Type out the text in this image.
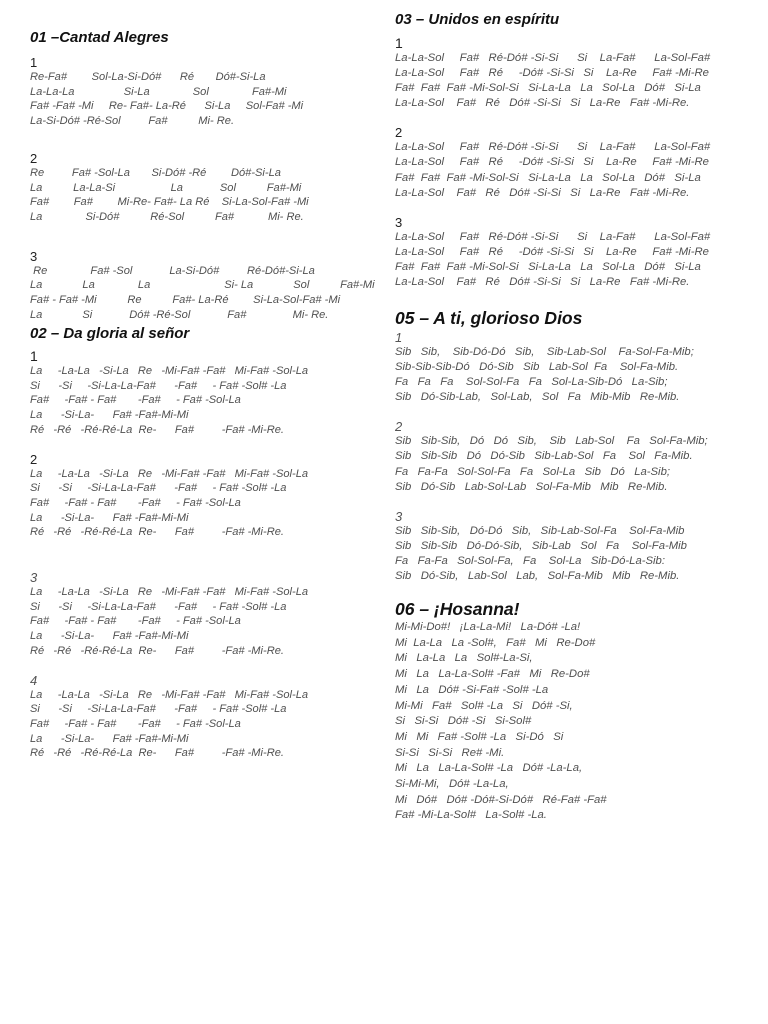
01 –Cantad Alegres
1
Re-Fa#        Sol-La-Si-Dó#      Ré       Dó#-Si-La
La-La-La                Si-La              Sol              Fa#-Mi
Fa# -Fa# -Mi     Re- Fa#- La-Ré      Si-La     Sol-Fa# -Mi
La-Si-Dó# -Ré-Sol         Fa#          Mi- Re.
2
Re         Fa# -Sol-La       Si-Dó# -Ré        Dó#-Si-La
La          La-La-Si                  La            Sol          Fa#-Mi
Fa#        Fa#        Mi-Re- Fa#- La Ré    Si-La-Sol-Fa# -Mi
La              Si-Dó#          Ré-Sol          Fa#           Mi- Re.
3
Re              Fa# -Sol            La-Si-Dó#         Ré-Dó#-Si-La
La             La              La                        Si- La             Sol          Fa#-Mi
Fa# - Fa# -Mi          Re          Fa#- La-Ré        Si-La-Sol-Fa# -Mi
La             Si            Dó# -Ré-Sol            Fa#               Mi- Re.
02 – Da gloria al señor
1
La     -La-La   -Si-La   Re   -Mi-Fa# -Fa#   Mi-Fa# -Sol-La
Si      -Si     -Si-La-La-Fa#      -Fa#     - Fa# -Sol# -La
Fa#     -Fa# - Fa#       -Fa#     - Fa# -Sol-La
La      -Si-La-      Fa# -Fa#-Mi-Mi
Ré   -Ré   -Ré-Ré-La  Re-      Fa#         -Fa# -Mi-Re.
2
La     -La-La   -Si-La   Re   -Mi-Fa# -Fa#   Mi-Fa# -Sol-La
Si      -Si     -Si-La-La-Fa#      -Fa#     - Fa# -Sol# -La
Fa#     -Fa# - Fa#       -Fa#     - Fa# -Sol-La
La      -Si-La-      Fa# -Fa#-Mi-Mi
Ré   -Ré   -Ré-Ré-La  Re-      Fa#         -Fa# -Mi-Re.
3
La     -La-La   -Si-La   Re   -Mi-Fa# -Fa#   Mi-Fa# -Sol-La
Si      -Si     -Si-La-La-Fa#      -Fa#     - Fa# -Sol# -La
Fa#     -Fa# - Fa#       -Fa#     - Fa# -Sol-La
La      -Si-La-      Fa# -Fa#-Mi-Mi
Ré   -Ré   -Ré-Ré-La  Re-      Fa#         -Fa# -Mi-Re.
4
La     -La-La   -Si-La   Re   -Mi-Fa# -Fa#   Mi-Fa# -Sol-La
Si      -Si     -Si-La-La-Fa#      -Fa#     - Fa# -Sol# -La
Fa#     -Fa# - Fa#       -Fa#     - Fa# -Sol-La
La      -Si-La-      Fa# -Fa#-Mi-Mi
Ré   -Ré   -Ré-Ré-La  Re-      Fa#         -Fa# -Mi-Re.
03 – Unidos en espíritu
1
La-La-Sol     Fa#   Ré-Dó# -Si-Si      Si    La-Fa#      La-Sol-Fa#
La-La-Sol     Fa#   Ré     -Dó# -Si-Si   Si    La-Re     Fa# -Mi-Re
Fa#  Fa#  Fa# -Mi-Sol-Si   Si-La-La   La   Sol-La   Dó#   Si-La
La-La-Sol    Fa#   Ré   Dó# -Si-Si   Si   La-Re   Fa# -Mi-Re.
2
La-La-Sol     Fa#   Ré-Dó# -Si-Si      Si    La-Fa#      La-Sol-Fa#
La-La-Sol     Fa#   Ré     -Dó# -Si-Si   Si    La-Re     Fa# -Mi-Re
Fa#  Fa#  Fa# -Mi-Sol-Si   Si-La-La   La   Sol-La   Dó#   Si-La
La-La-Sol    Fa#   Ré   Dó# -Si-Si   Si   La-Re   Fa# -Mi-Re.
3
La-La-Sol     Fa#   Ré-Dó# -Si-Si      Si    La-Fa#      La-Sol-Fa#
La-La-Sol     Fa#   Ré     -Dó# -Si-Si   Si    La-Re     Fa# -Mi-Re
Fa#  Fa#  Fa# -Mi-Sol-Si   Si-La-La   La   Sol-La   Dó#   Si-La
La-La-Sol    Fa#   Ré   Dó# -Si-Si   Si   La-Re   Fa# -Mi-Re.
05 – A ti, glorioso Dios
1
Sib   Sib,    Sib-Dó-Dó   Sib,    Sib-Lab-Sol    Fa-Sol-Fa-Mib;
Sib-Sib-Sib-Dó   Dó-Sib   Sib   Lab-Sol  Fa    Sol-Fa-Mib.
Fa   Fa   Fa    Sol-Sol-Fa   Fa   Sol-La-Sib-Dó   La-Sib;
Sib   Dó-Sib-Lab,   Sol-Lab,   Sol   Fa   Mib-Mib   Re-Mib.
2
Sib   Sib-Sib,   Dó   Dó   Sib,    Sib   Lab-Sol    Fa   Sol-Fa-Mib;
Sib   Sib-Sib   Dó   Dó-Sib   Sib-Lab-Sol   Fa    Sol   Fa-Mib.
Fa   Fa-Fa   Sol-Sol-Fa   Fa   Sol-La   Sib   Dó   La-Sib;
Sib   Dó-Sib   Lab-Sol-Lab   Sol-Fa-Mib   Mib   Re-Mib.
3
Sib   Sib-Sib,   Dó-Dó   Sib,   Sib-Lab-Sol-Fa    Sol-Fa-Mib
Sib   Sib-Sib   Dó-Dó-Sib,   Sib-Lab   Sol   Fa    Sol-Fa-Mib
Fa   Fa-Fa   Sol-Sol-Fa,   Fa    Sol-La   Sib-Dó-La-Sib:
Sib   Dó-Sib,   Lab-Sol   Lab,   Sol-Fa-Mib   Mib   Re-Mib.
06 – ¡Hosanna!
Mi-Mi-Do#!   ¡La-La-Mi!   La-Dó# -La!
Mi  La-La   La -Sol#,   Fa#   Mi   Re-Do#
Mi   La-La   La   Sol#-La-Si,
Mi   La   La-La-Sol# -Fa#   Mi   Re-Do#
Mi   La   Dó# -Si-Fa# -Sol# -La
Mi-Mi   Fa#   Sol# -La   Si   Dó# -Si,
Si   Si-Si   Dó# -Si   Si-Sol#
Mi   Mi   Fa# -Sol# -La   Si-Dó   Si
Si-Si   Si-Si   Re# -Mi.
Mi   La   La-La-Sol# -La   Dó# -La-La,
Si-Mi-Mi,   Dó# -La-La,
Mi   Dó#   Dó# -Dó#-Si-Dó#   Ré-Fa# -Fa#
Fa# -Mi-La-Sol#   La-Sol# -La.
